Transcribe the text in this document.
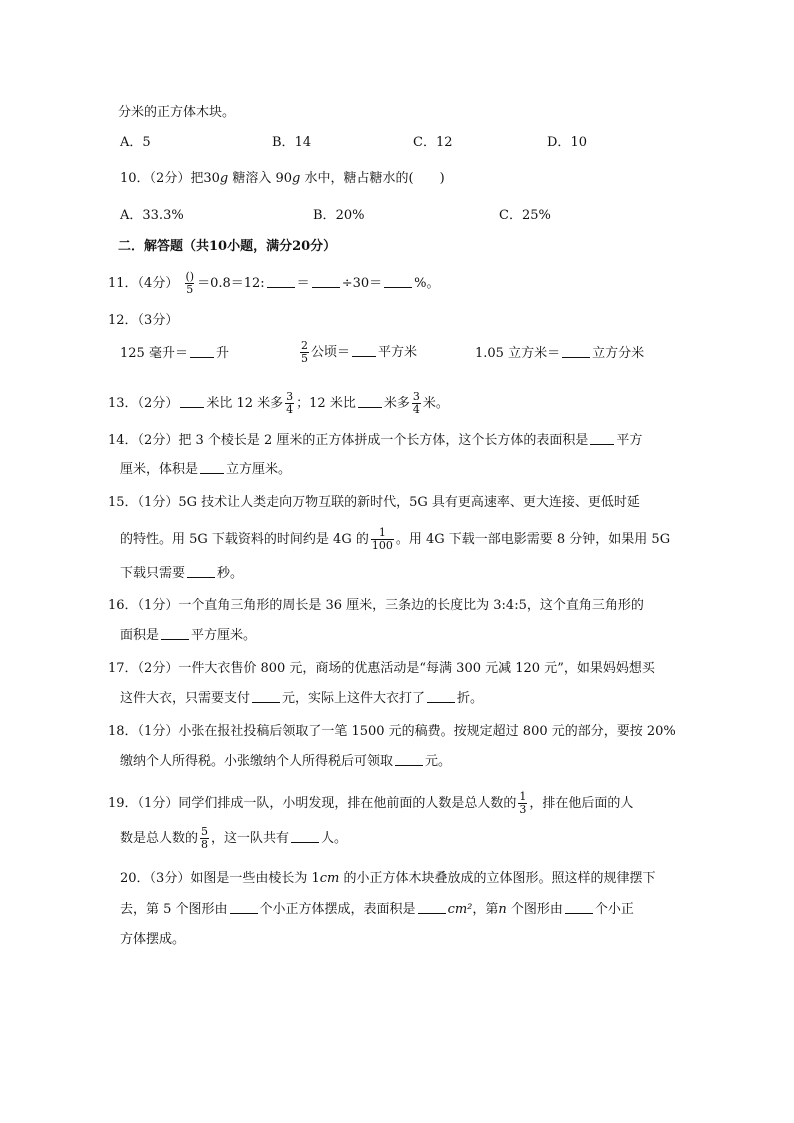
分米的正方体木块。
A．5	B．14	C．12	D．10
10．（2分）把30g 糖溶入 90g 水中，糖占糖水的( )
A．33.3%	B．20%	C．25%
二．解答题（共10小题，满分20分）
11．（4分） $\frac{()}{5} =0.8=12$: ＝ ÷30＝ %。
12．（3分）
125 毫升＝ 升	$\frac{2}{5}$ 公顷＝ 平方米	1.05 立方米＝ 立方分米
13．（2分） 米比 12 米多 $\frac{3}{4}$ ；12 米比 米多 $\frac{3}{4}$ 米。
14．（2分）把 3 个棱长是 2 厘米的正方体拼成一个长方体，这个长方体的表面积是 平方
厘米，体积是 立方厘米。
15．（1分）5G 技术让人类走向万物互联的新时代，5G 具有更高速率、更大连接、更低时延
的特性。用 5G 下载资料的时间约是 4G 的 $\frac{1}{100}$ 。用 4G 下载一部电影需要 8 分钟，如果用 5G
下载只需要 秒。
16．（1分）一个直角三角形的周长是 36 厘米，三条边的长度比为 3:4:5，这个直角三角形的
面积是 平方厘米。
17．（2分）一件大衣售价 800 元，商场的优惠活动是“每满 300 元减 120 元”，如果妈妈想买
这件大衣，只需要支付 元，实际上这件大衣打了 折。
18．（1分）小张在报社投稿后领取了一笔 1500 元的稿费。按规定超过 800 元的部分，要按 20%
缴纳个人所得税。小张缴纳个人所得税后可领取 元。
19．（1分）同学们排成一队，小明发现，排在他前面的人数是总人数的 $\frac{1}{3}$ ，排在他后面的人
数是总人数的 $\frac{5}{8}$ ，这一队共有 人。
20．（3分）如图是一些由棱长为 1cm 的小正方体木块叠放成的立体图形。照这样的规律摆下
去，第 5 个图形由 个小正方体摆成，表面积是 cm²，第n 个图形由 个小正
方体摆成。
